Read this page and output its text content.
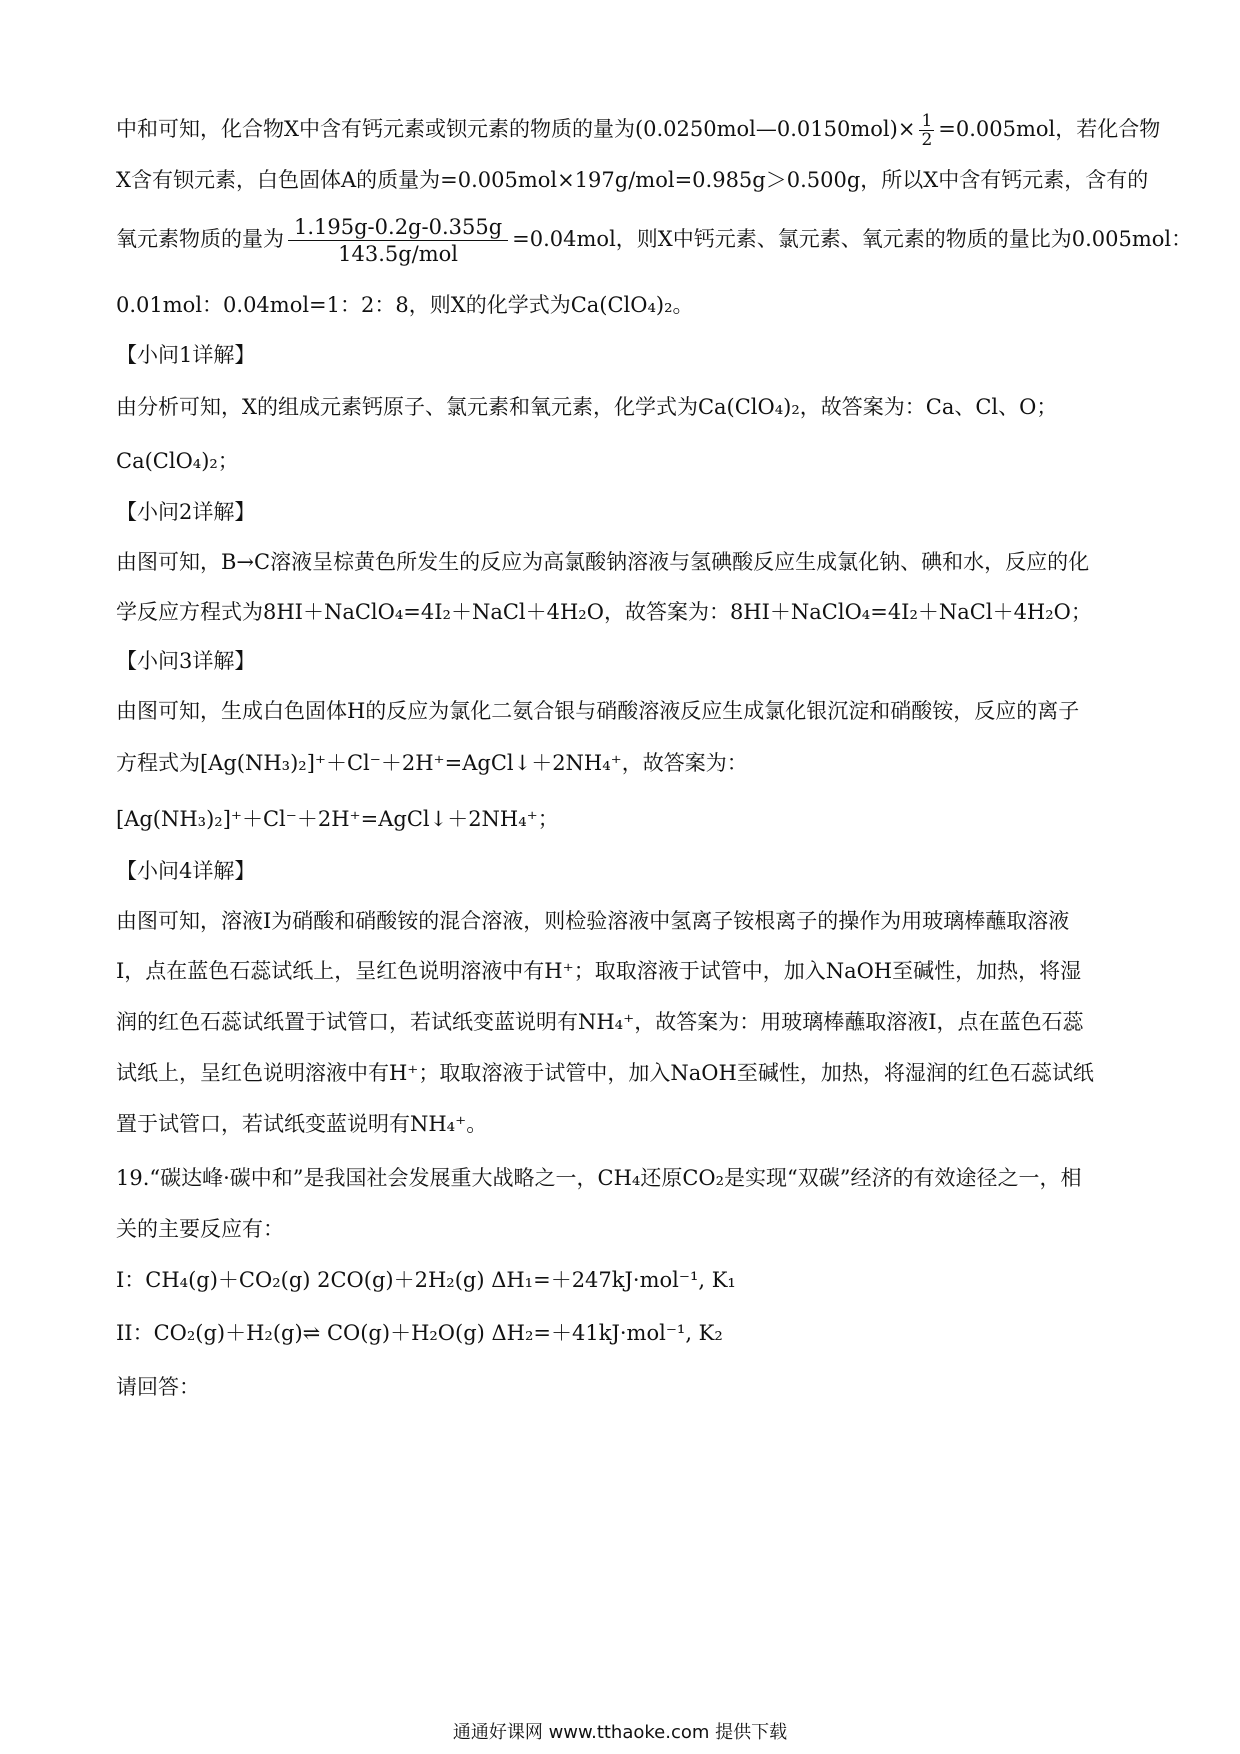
中和可知，化合物X中含有钙元素或钡元素的物质的量为(0.0250mol—0.0150mol)× $\frac{1}{2} =0.005mol$，若化合物
X含有钡元素，白色固体A的质量为=0.005mol×197g/mol=0.985g＞0.500g，所以X中含有钙元素，含有的
氧元素物质的量为 $\frac{1.195g-0.2g-0.355g}{\text{143.5g/mol}} =0.04mol$，则X中钙元素、氯元素、氧元素的物质的量比为0.005mol：
0.01mol：0.04mol=1：2：8，则X的化学式为Ca(ClO₄)₂。
【小问1详解】
由分析可知，X的组成元素钙原子、氯元素和氧元素，化学式为Ca(ClO₄)₂，故答案为：Ca、Cl、O；
Ca(ClO₄)₂；
【小问2详解】
由图可知，B→C溶液呈棕黄色所发生的反应为高氯酸钠溶液与氢碘酸反应生成氯化钠、碘和水，反应的化
学反应方程式为8HI＋NaClO₄=4I₂＋NaCl＋4H₂O，故答案为：8HI＋NaClO₄=4I₂＋NaCl＋4H₂O；
【小问3详解】
由图可知，生成白色固体H的反应为氯化二氨合银与硝酸溶液反应生成氯化银沉淀和硝酸铵，反应的离子
方程式为[Ag(NH₃)₂]⁺＋Cl⁻＋2H⁺=AgCl↓＋2NH₄⁺，故答案为：
[Ag(NH₃)₂]⁺＋Cl⁻＋2H⁺=AgCl↓＋2NH₄⁺；
【小问4详解】
由图可知，溶液I为硝酸和硝酸铵的混合溶液，则检验溶液中氢离子铵根离子的操作为用玻璃棒蘸取溶液
I，点在蓝色石蕊试纸上，呈红色说明溶液中有H⁺；取取溶液于试管中，加入NaOH至碱性，加热，将湿
润的红色石蕊试纸置于试管口，若试纸变蓝说明有NH₄⁺，故答案为：用玻璃棒蘸取溶液I，点在蓝色石蕊
试纸上，呈红色说明溶液中有H⁺；取取溶液于试管中，加入NaOH至碱性，加热，将湿润的红色石蕊试纸
置于试管口，若试纸变蓝说明有NH₄⁺。
19.“碳达峰·碳中和”是我国社会发展重大战略之一，CH₄还原CO₂是实现“双碳”经济的有效途径之一，相
关的主要反应有：
I：CH₄(g)＋CO₂(g) 2CO(g)＋2H₂(g) ΔH₁=＋247kJ·mol⁻¹, K₁
II：CO₂(g)＋H₂(g)⇌ CO(g)＋H₂O(g) ΔH₂=＋41kJ·mol⁻¹, K₂
请回答：
通通好课网 www.tthaoke.com 提供下载
